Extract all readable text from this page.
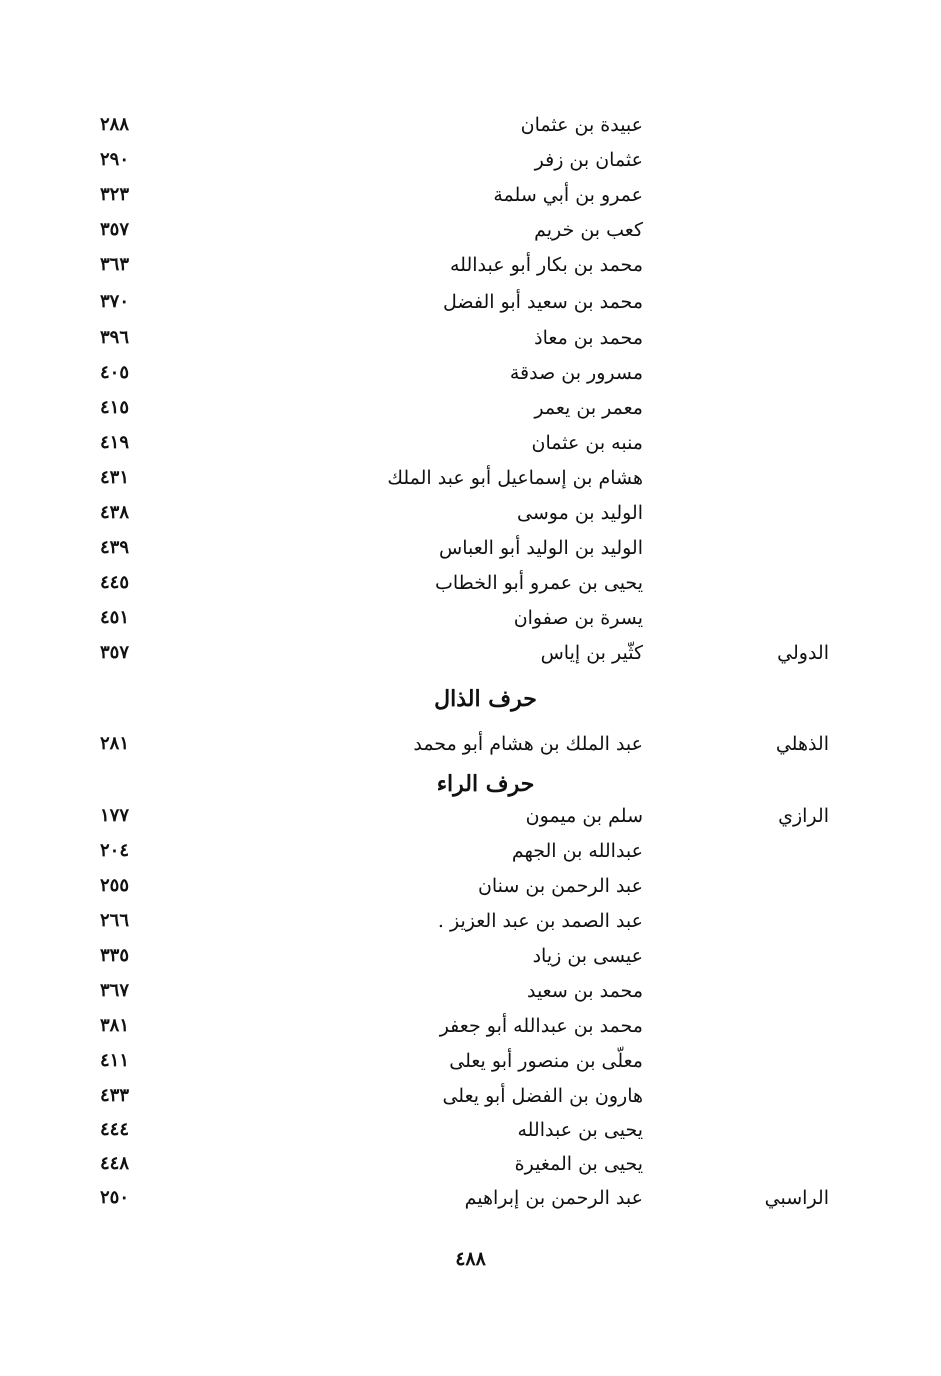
عبيدة بن عثمان
٢٨٨
عثمان بن زفر
٢٩٠
عمرو بن أبي سلمة
٣٢٣
كعب بن خريم
٣٥٧
محمد بن بكار أبو عبدالله
٣٦٣
محمد بن سعيد أبو الفضل
٣٧٠
محمد بن معاذ
٣٩٦
مسرور بن صدقة
٤٠٥
معمر بن يعمر
٤١٥
منبه بن عثمان
٤١٩
هشام بن إسماعيل أبو عبد الملك
٤٣١
الوليد بن موسى
٤٣٨
الوليد بن الوليد أبو العباس
٤٣٩
يحيى بن عمرو أبو الخطاب
٤٤٥
يسرة بن صفوان
٤٥١
الدولي
كثّير بن إياس
٣٥٧
حرف الذال
الذهلي
عبد الملك بن هشام أبو محمد
٢٨١
حرف الراء
الرازي
سلم بن ميمون
١٧٧
عبدالله بن الجهم
٢٠٤
عبد الرحمن بن سنان
٢٥٥
عبد الصمد بن عبد العزيز .
٢٦٦
عيسى بن زياد
٣٣٥
محمد بن سعيد
٣٦٧
محمد بن عبدالله أبو جعفر
٣٨١
معلّى بن منصور أبو يعلى
٤١١
هارون بن الفضل أبو يعلى
٤٣٣
يحيى بن عبدالله
٤٤٤
يحيى بن المغيرة
٤٤٨
الراسبي
عبد الرحمن بن إبراهيم
٢٥٠
٤٨٨
